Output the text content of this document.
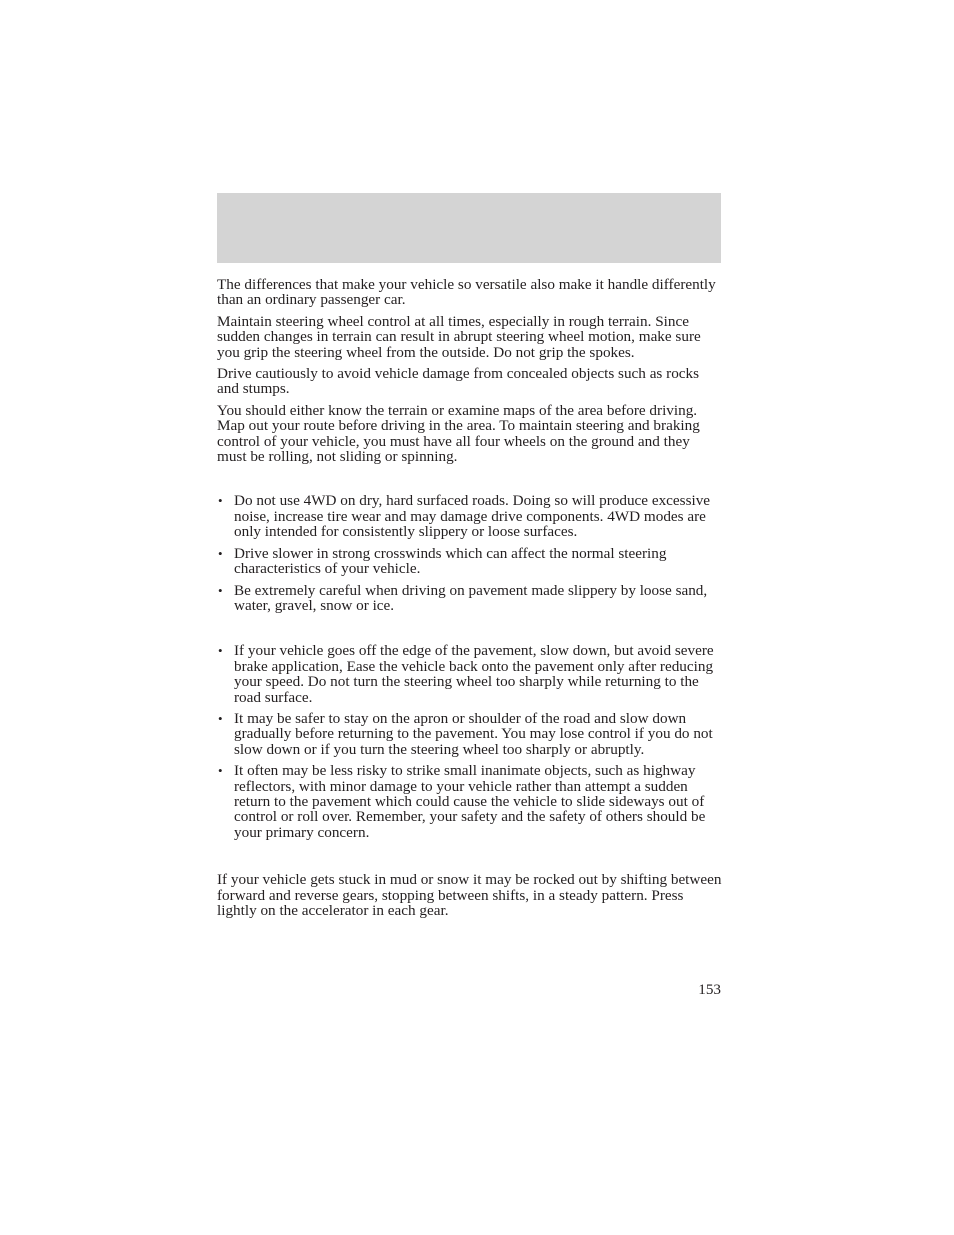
The differences that make your vehicle so versatile also make it handle differently than an ordinary passenger car.

Maintain steering wheel control at all times, especially in rough terrain. Since sudden changes in terrain can result in abrupt steering wheel motion, make sure you grip the steering wheel from the outside. Do not grip the spokes.

Drive cautiously to avoid vehicle damage from concealed objects such as rocks and stumps.

You should either know the terrain or examine maps of the area before driving. Map out your route before driving in the area. To maintain steering and braking control of your vehicle, you must have all four wheels on the ground and they must be rolling, not sliding or spinning.

• Do not use 4WD on dry, hard surfaced roads. Doing so will produce excessive noise, increase tire wear and may damage drive components. 4WD modes are only intended for consistently slippery or loose surfaces.
• Drive slower in strong crosswinds which can affect the normal steering characteristics of your vehicle.
• Be extremely careful when driving on pavement made slippery by loose sand, water, gravel, snow or ice.
• If your vehicle goes off the edge of the pavement, slow down, but avoid severe brake application, Ease the vehicle back onto the pavement only after reducing your speed. Do not turn the steering wheel too sharply while returning to the road surface.
• It may be safer to stay on the apron or shoulder of the road and slow down gradually before returning to the pavement. You may lose control if you do not slow down or if you turn the steering wheel too sharply or abruptly.
• It often may be less risky to strike small inanimate objects, such as highway reflectors, with minor damage to your vehicle rather than attempt a sudden return to the pavement which could cause the vehicle to slide sideways out of control or roll over. Remember, your safety and the safety of others should be your primary concern.

If your vehicle gets stuck in mud or snow it may be rocked out by shifting between forward and reverse gears, stopping between shifts, in a steady pattern. Press lightly on the accelerator in each gear.

153
